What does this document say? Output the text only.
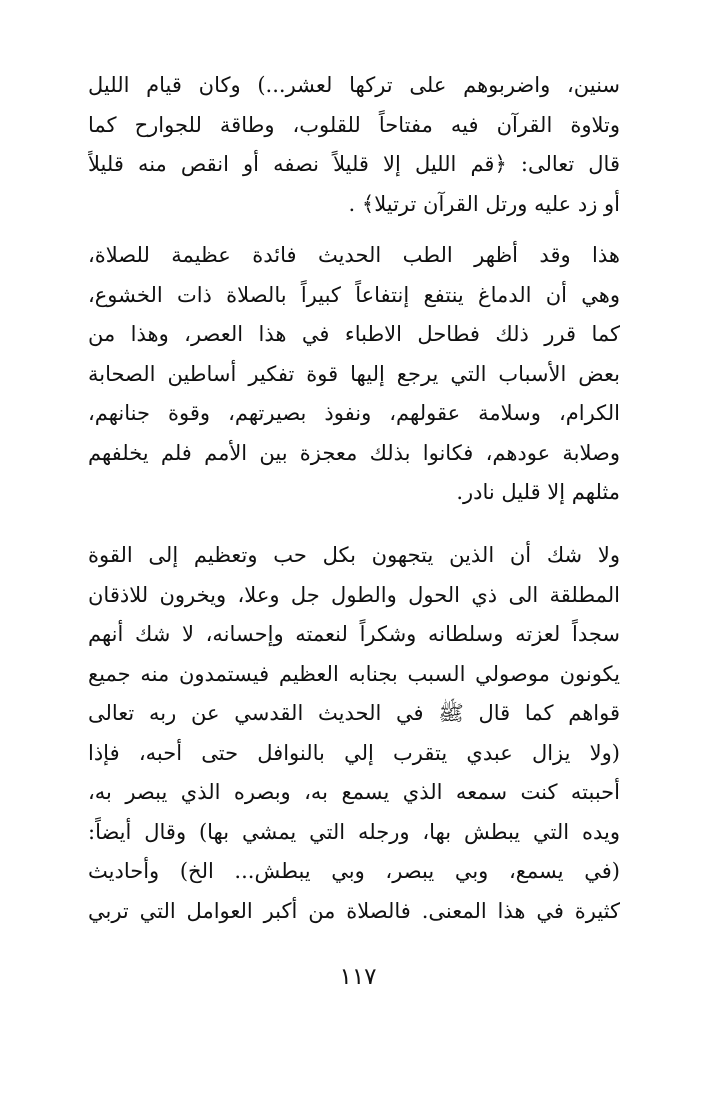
سنين، واضربوهم على تركها لعشر...) وكان قيام الليل
وتلاوة القرآن فيه مفتاحاً للقلوب، وطاقة للجوارح كما
قال تعالى: ﴿قم الليل إلا قليلاً نصفه أو انقص منه قليلاً
أو زد عليه ورتل القرآن ترتيلا﴾ .
هذا وقد أظهر الطب الحديث فائدة عظيمة للصلاة،
وهي أن الدماغ ينتفع إنتفاعاً كبيراً بالصلاة ذات الخشوع،
كما قرر ذلك فطاحل الاطباء في هذا العصر، وهذا من
بعض الأسباب التي يرجع إليها قوة تفكير أساطين الصحابة
الكرام، وسلامة عقولهم، ونفوذ بصيرتهم، وقوة جنانهم،
وصلابة عودهم، فكانوا بذلك معجزة بين الأمم فلم يخلفهم
مثلهم إلا قليل نادر.
ولا شك أن الذين يتجهون بكل حب وتعظيم إلى القوة
المطلقة الى ذي الحول والطول جل وعلا، ويخرون للاذقان
سجداً لعزته وسلطانه وشكراً لنعمته وإحسانه، لا شك أنهم
يكونون موصولي السبب بجنابه العظيم فيستمدون منه جميع
قواهم كما قال ﷺ في الحديث القدسي عن ربه تعالى
(ولا يزال عبدي يتقرب إلي بالنوافل حتى أحبه، فإذا
أحببته كنت سمعه الذي يسمع به، وبصره الذي يبصر به،
ويده التي يبطش بها، ورجله التي يمشي بها) وقال أيضاً:
(في يسمع، وبي يبصر، وبي يبطش... الخ) وأحاديث
كثيرة في هذا المعنى. فالصلاة من أكبر العوامل التي تربي
١١٧
